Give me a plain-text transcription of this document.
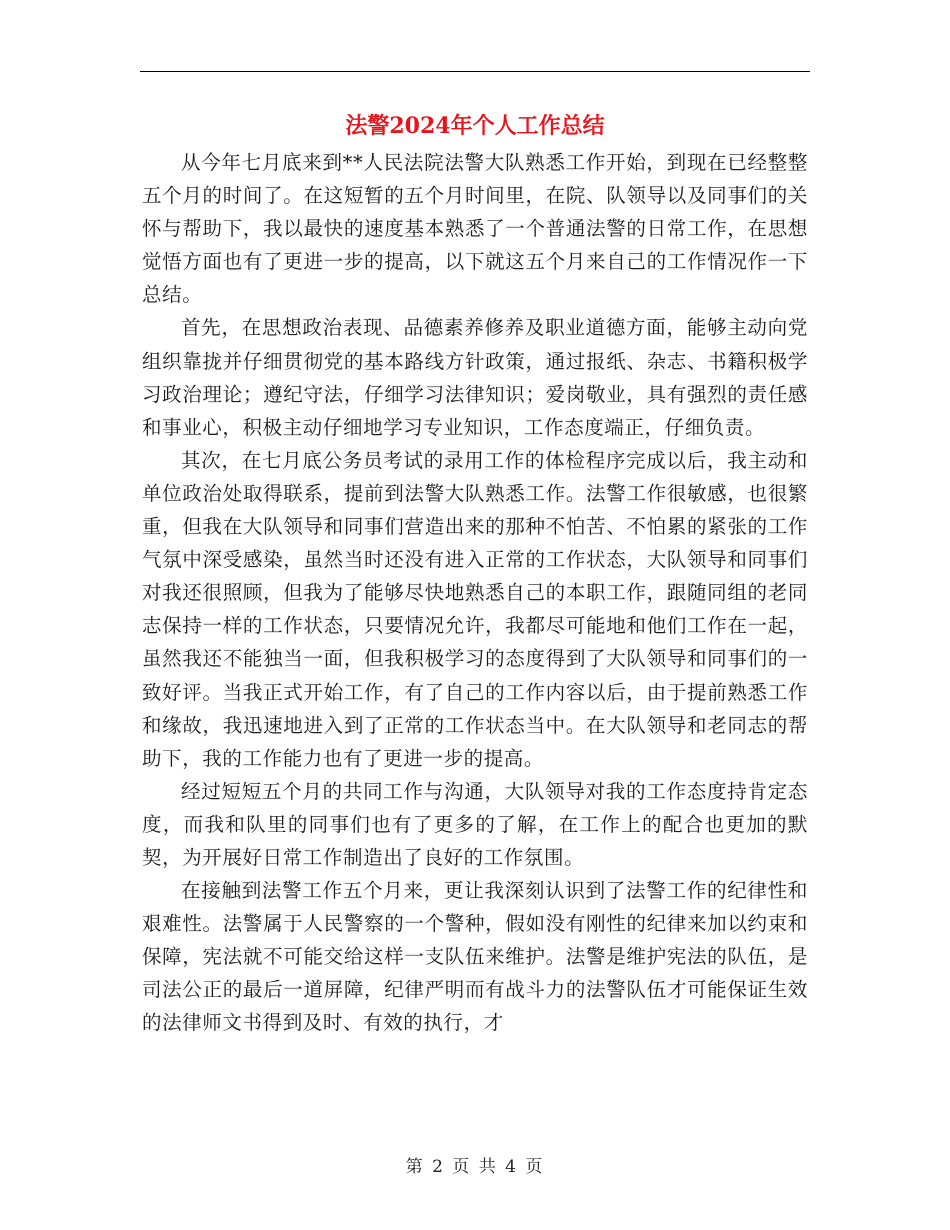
法警2024年个人工作总结

从今年七月底来到**人民法院法警大队熟悉工作开始，到现在已经整整五个月的时间了。在这短暂的五个月时间里，在院、队领导以及同事们的关怀与帮助下，我以最快的速度基本熟悉了一个普通法警的日常工作，在思想觉悟方面也有了更进一步的提高，以下就这五个月来自己的工作情况作一下总结。

首先，在思想政治表现、品德素养修养及职业道德方面，能够主动向党组织靠拢并仔细贯彻党的基本路线方针政策，通过报纸、杂志、书籍积极学习政治理论；遵纪守法，仔细学习法律知识；爱岗敬业，具有强烈的责任感和事业心，积极主动仔细地学习专业知识，工作态度端正，仔细负责。

其次，在七月底公务员考试的录用工作的体检程序完成以后，我主动和单位政治处取得联系，提前到法警大队熟悉工作。法警工作很敏感，也很繁重，但我在大队领导和同事们营造出来的那种不怕苦、不怕累的紧张的工作气氛中深受感染，虽然当时还没有进入正常的工作状态，大队领导和同事们对我还很照顾，但我为了能够尽快地熟悉自己的本职工作，跟随同组的老同志保持一样的工作状态，只要情况允许，我都尽可能地和他们工作在一起，虽然我还不能独当一面，但我积极学习的态度得到了大队领导和同事们的一致好评。当我正式开始工作，有了自己的工作内容以后，由于提前熟悉工作和缘故，我迅速地进入到了正常的工作状态当中。在大队领导和老同志的帮助下，我的工作能力也有了更进一步的提高。

经过短短五个月的共同工作与沟通，大队领导对我的工作态度持肯定态度，而我和队里的同事们也有了更多的了解，在工作上的配合也更加的默契，为开展好日常工作制造出了良好的工作氛围。

在接触到法警工作五个月来，更让我深刻认识到了法警工作的纪律性和艰难性。法警属于人民警察的一个警种，假如没有刚性的纪律来加以约束和保障，宪法就不可能交给这样一支队伍来维护。法警是维护宪法的队伍，是司法公正的最后一道屏障，纪律严明而有战斗力的法警队伍才可能保证生效的法律师文书得到及时、有效的执行，才

第 2 页 共 4 页
